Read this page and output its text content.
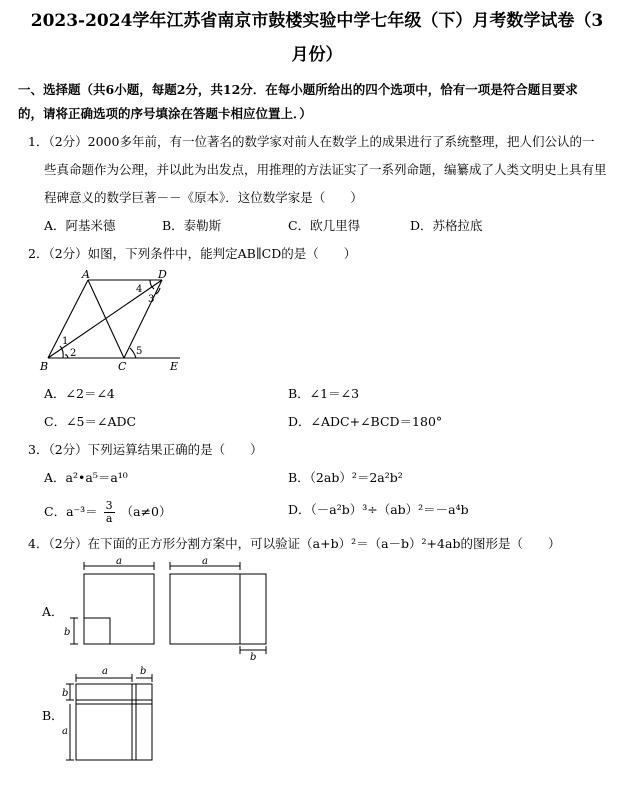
2023-2024学年江苏省南京市鼓楼实验中学七年级（下）月考数学试卷（3
月份）
一、选择题（共6小题，每题2分，共12分．在每小题所给出的四个选项中，恰有一项是符合题目要求
的，请将正确选项的序号填涂在答题卡相应位置上．）
1．（2分）2000多年前，有一位著名的数学家对前人在数学上的成果进行了系统整理，把人们公认的一
些真命题作为公理，并以此为出发点，用推理的方法证实了一系列命题，编纂成了人类文明史上具有里
程碑意义的数学巨著－－《原本》．这位数学家是（　　）
A．阿基米德	B．泰勒斯	C．欧几里得	D．苏格拉底
2．（2分）如图，下列条件中，能判定AB∥CD的是（　　）
A	D
B	C	E
1
2
3
4
5
A．∠2＝∠4	B．∠1＝∠3
C．∠5＝∠ADC	D．∠ADC+∠BCD＝180°
3．（2分）下列运算结果正确的是（　　）
A．a²•a⁵＝a¹⁰	B．（2ab）²＝2a²b²
C．$a^{-3}= \frac{3}{a} (a\ne 0)$	D．（－a²b）³÷（ab）²＝－a⁴b
4．（2分）在下面的正方形分割方案中，可以验证（a+b）²＝（a－b）²+4ab的图形是（　　）
A．
a
b
a
b
B．
a	b
b
a
